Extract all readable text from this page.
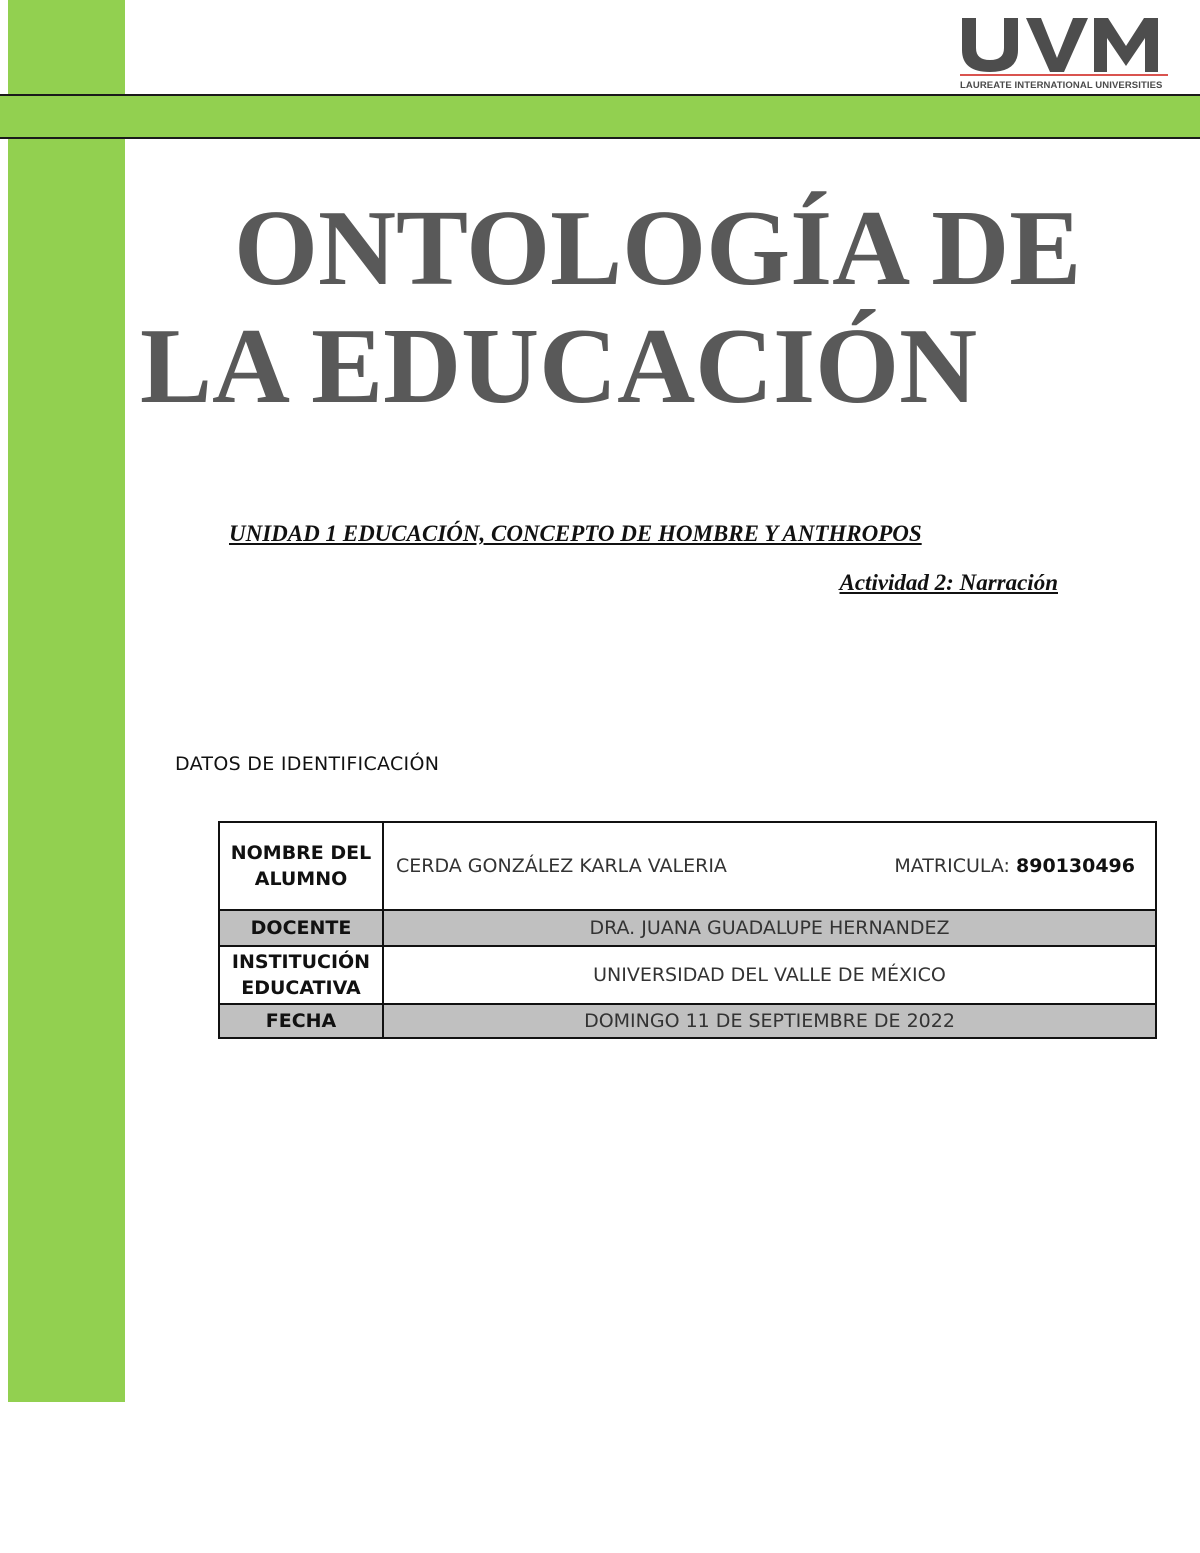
LAUREATE INTERNATIONAL UNIVERSITIES
ONTOLOGÍA DE
LA EDUCACIÓN
UNIDAD 1 EDUCACIÓN, CONCEPTO DE HOMBRE Y ANTHROPOS
Actividad 2: Narración
DATOS DE IDENTIFICACIÓN
NOMBRE DEL ALUMNO	CERDA GONZÁLEZ KARLA VALERIA MATRICULA: 890130496

DOCENTE	DRA. JUANA GUADALUPE HERNANDEZ
INSTITUCIÓN EDUCATIVA	UNIVERSIDAD DEL VALLE DE MÉXICO
FECHA	DOMINGO 11 DE SEPTIEMBRE DE 2022
